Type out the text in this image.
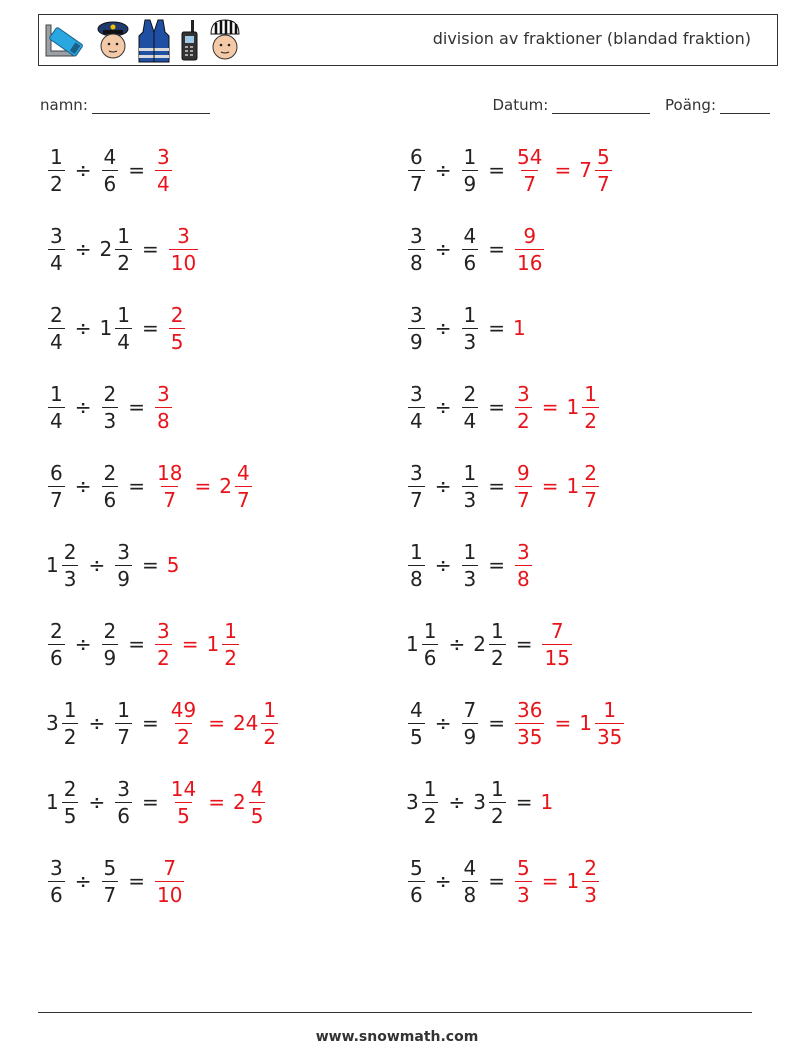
division av fraktioner (blandad fraktion)
namn:	Datum:	Poäng:
$\frac{1}{2} \div \frac{4}{6} = \frac{3}{4}$	$\frac{6}{7} \div \frac{1}{9} = \frac{54}{7} = 7 \frac{5}{7}$
$\frac{3}{4} \div 2 \frac{1}{2} = \frac{3}{10}$	$\frac{3}{8} \div \frac{4}{6} = \frac{9}{16}$
$\frac{2}{4} \div 1 \frac{1}{4} = \frac{2}{5}$	$\frac{3}{9} \div \frac{1}{3} = 1$
$\frac{1}{4} \div \frac{2}{3} = \frac{3}{8}$	$\frac{3}{4} \div \frac{2}{4} = \frac{3}{2} = 1 \frac{1}{2}$
$\frac{6}{7} \div \frac{2}{6} = \frac{18}{7} = 2 \frac{4}{7}$	$\frac{3}{7} \div \frac{1}{3} = \frac{9}{7} = 1 \frac{2}{7}$
$1 \frac{2}{3} \div \frac{3}{9} = 5$	$\frac{1}{8} \div \frac{1}{3} = \frac{3}{8}$
$\frac{2}{6} \div \frac{2}{9} = \frac{3}{2} = 1 \frac{1}{2}$	$1 \frac{1}{6} \div 2 \frac{1}{2} = \frac{7}{15}$
$3 \frac{1}{2} \div \frac{1}{7} = \frac{49}{2} = 24 \frac{1}{2}$	$\frac{4}{5} \div \frac{7}{9} = \frac{36}{35} = 1 \frac{1}{35}$
$1 \frac{2}{5} \div \frac{3}{6} = \frac{14}{5} = 2 \frac{4}{5}$	$3 \frac{1}{2} \div 3 \frac{1}{2} = 1$
$\frac{3}{6} \div \frac{5}{7} = \frac{7}{10}$	$\frac{5}{6} \div \frac{4}{8} = \frac{5}{3} = 1 \frac{2}{3}$
www.snowmath.com
